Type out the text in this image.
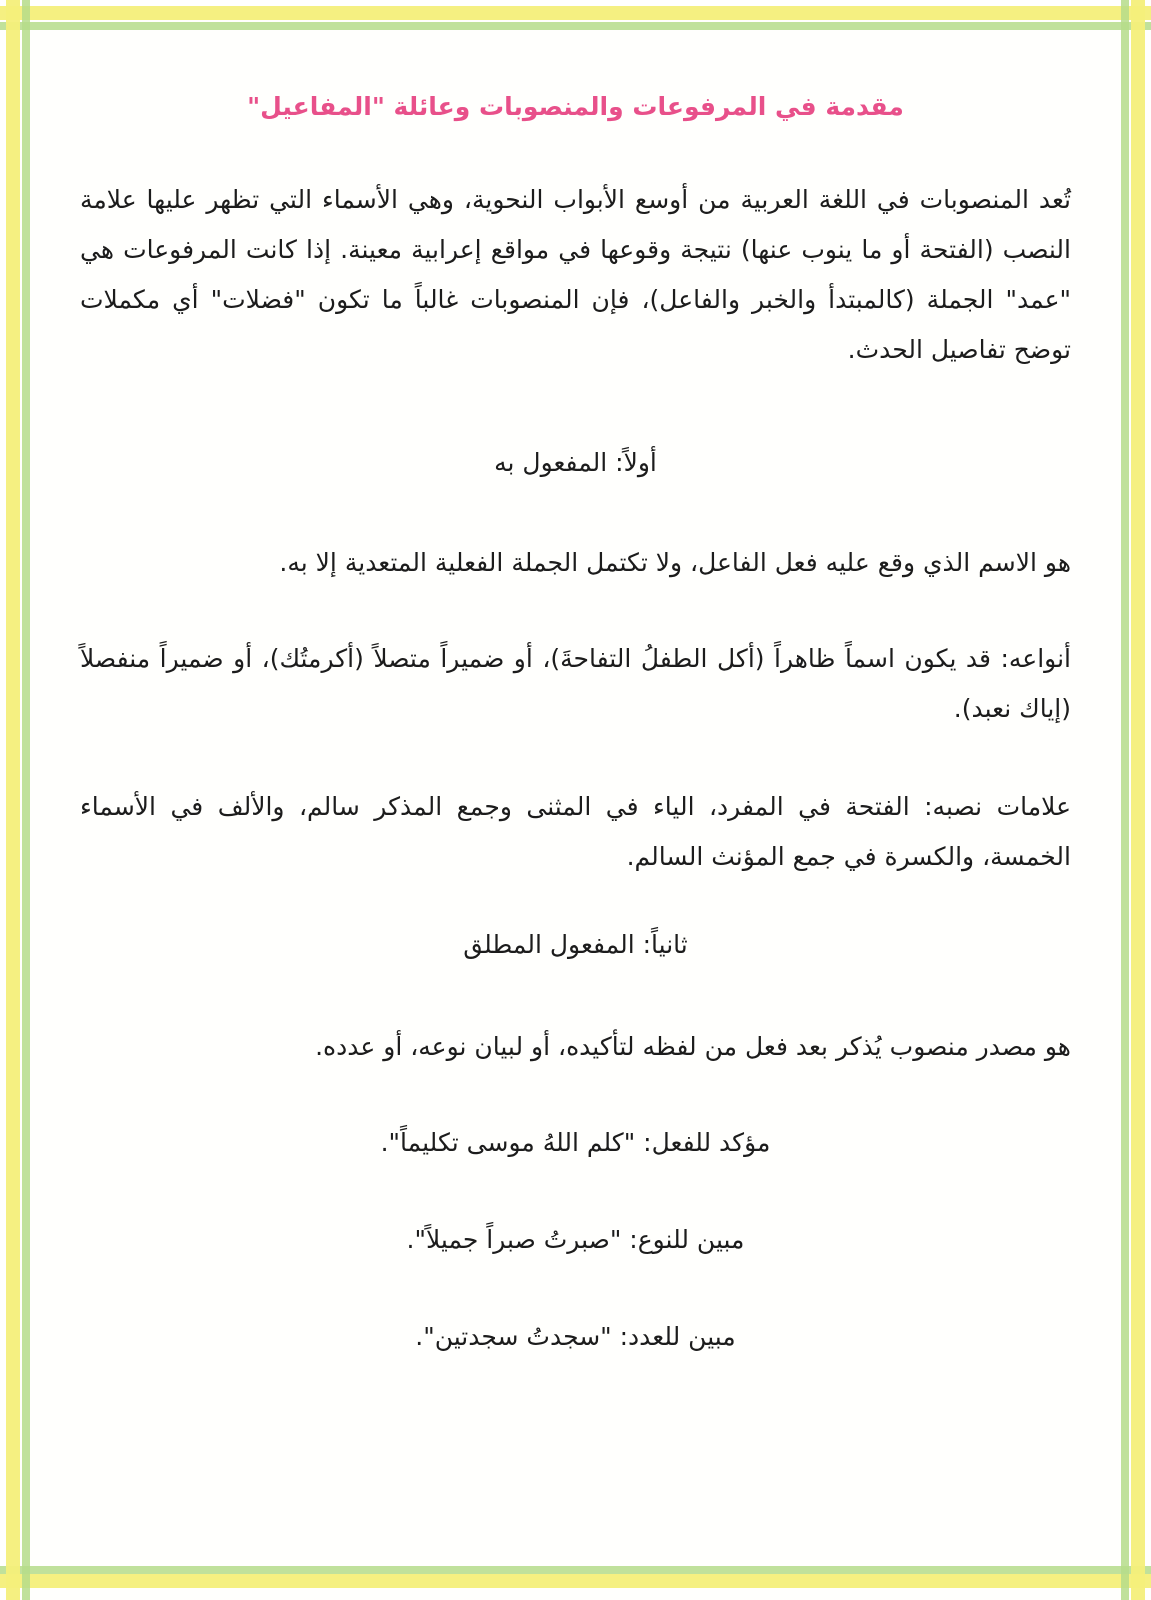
مقدمة في المرفوعات والمنصوبات وعائلة "المفاعيل"

تُعد المنصوبات في اللغة العربية من أوسع الأبواب النحوية، وهي الأسماء التي تظهر عليها علامة النصب (الفتحة أو ما ينوب عنها) نتيجة وقوعها في مواقع إعرابية معينة. إذا كانت المرفوعات هي "عمد" الجملة (كالمبتدأ والخبر والفاعل)، فإن المنصوبات غالباً ما تكون "فضلات" أي مكملات توضح تفاصيل الحدث.

أولاً: المفعول به

هو الاسم الذي وقع عليه فعل الفاعل، ولا تكتمل الجملة الفعلية المتعدية إلا به.

أنواعه: قد يكون اسماً ظاهراً (أكل الطفلُ التفاحةَ)، أو ضميراً متصلاً (أكرمتُك)، أو ضميراً منفصلاً (إياك نعبد).

علامات نصبه: الفتحة في المفرد، الياء في المثنى وجمع المذكر سالم، والألف في الأسماء الخمسة، والكسرة في جمع المؤنث السالم.

ثانياً: المفعول المطلق

هو مصدر منصوب يُذكر بعد فعل من لفظه لتأكيده، أو لبيان نوعه، أو عدده.

مؤكد للفعل: "كلم اللهُ موسى تكليماً".

مبين للنوع: "صبرتُ صبراً جميلاً".

مبين للعدد: "سجدتُ سجدتين".
